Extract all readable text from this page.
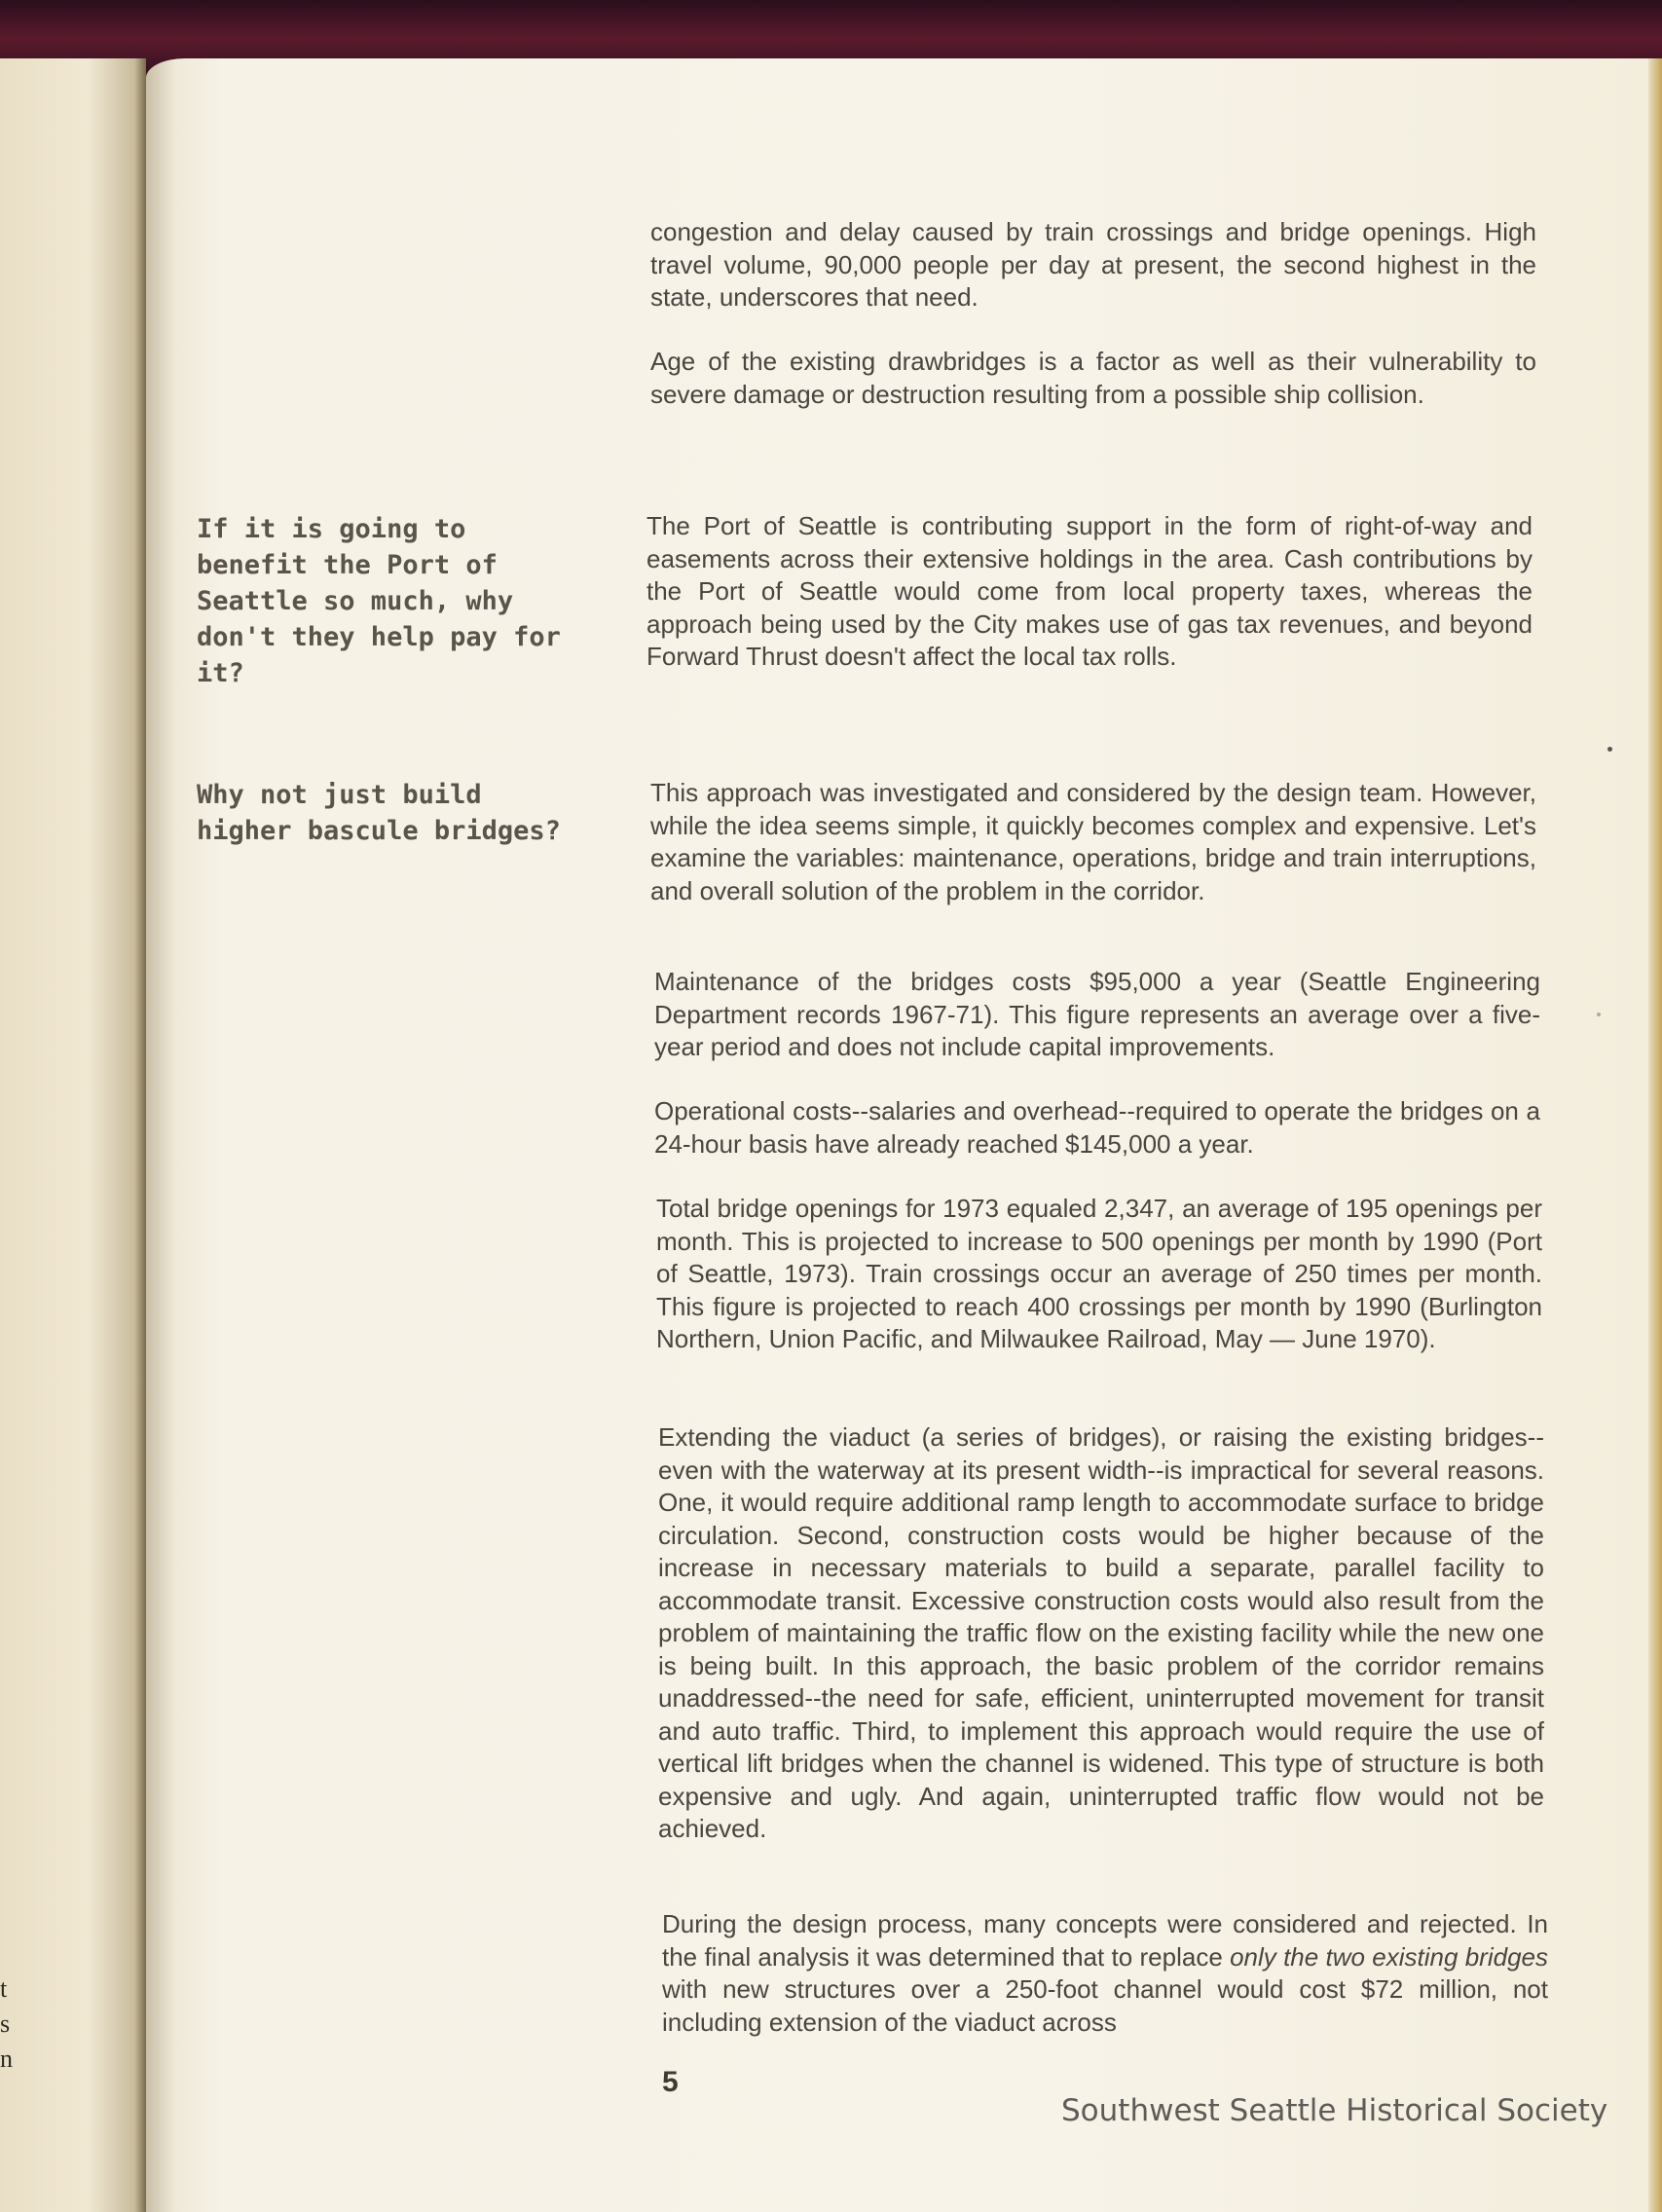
t
s
n
If it is going to benefit the Port of Seattle so much, why don't they help pay for it?
Why not just build higher bascule bridges?

congestion and delay caused by train crossings and bridge openings. High travel volume, 90,000 people per day at present, the second highest in the state, underscores that need.

Age of the existing drawbridges is a factor as well as their vulnerability to severe damage or destruction resulting from a possible ship collision.

The Port of Seattle is contributing support in the form of right-of-way and easements across their extensive holdings in the area. Cash contributions by the Port of Seattle would come from local property taxes, whereas the approach being used by the City makes use of gas tax revenues, and beyond Forward Thrust doesn't affect the local tax rolls.

This approach was investigated and considered by the design team. However, while the idea seems simple, it quickly becomes complex and expensive. Let's examine the variables: maintenance, operations, bridge and train interruptions, and overall solution of the problem in the corridor.

Maintenance of the bridges costs $95,000 a year (Seattle Engineering Department records 1967-71). This figure represents an average over a five-year period and does not include capital improvements.

Operational costs--salaries and overhead--required to operate the bridges on a 24-hour basis have already reached $145,000 a year.

Total bridge openings for 1973 equaled 2,347, an average of 195 openings per month. This is projected to increase to 500 openings per month by 1990 (Port of Seattle, 1973). Train crossings occur an average of 250 times per month. This figure is projected to reach 400 crossings per month by 1990 (Burlington Northern, Union Pacific, and Milwaukee Railroad, May — June 1970).

Extending the viaduct (a series of bridges), or raising the existing bridges--even with the waterway at its present width--is impractical for several reasons. One, it would require additional ramp length to accommodate surface to bridge circulation. Second, construction costs would be higher because of the increase in necessary materials to build a separate, parallel facility to accommodate transit. Excessive construction costs would also result from the problem of maintaining the traffic flow on the existing facility while the new one is being built. In this approach, the basic problem of the corridor remains unaddressed--the need for safe, efficient, uninterrupted movement for transit and auto traffic. Third, to implement this approach would require the use of vertical lift bridges when the channel is widened. This type of structure is both expensive and ugly. And again, uninterrupted traffic flow would not be achieved.

During the design process, many concepts were considered and rejected. In the final analysis it was determined that to replace only the two existing bridges with new structures over a 250-foot channel would cost $72 million, not including extension of the viaduct across

5
Southwest Seattle Historical Society
